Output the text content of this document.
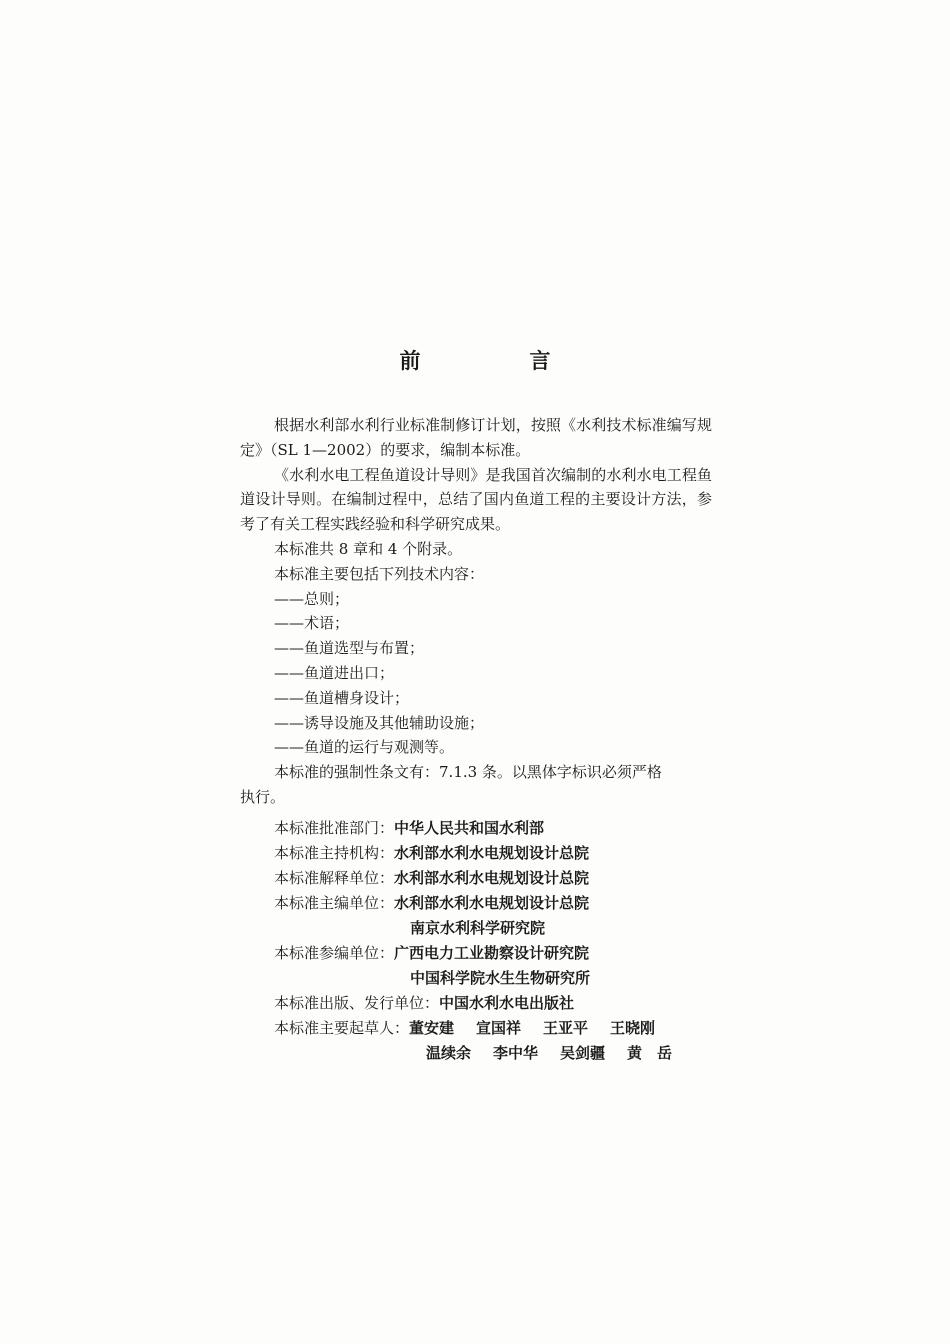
前　言

根据水利部水利行业标准制修订计划，按照《水利技术标准编写规定》（SL 1—2002）的要求，编制本标准。

《水利水电工程鱼道设计导则》是我国首次编制的水利水电工程鱼道设计导则。在编制过程中，总结了国内鱼道工程的主要设计方法，参考了有关工程实践经验和科学研究成果。

本标准共 8 章和 4 个附录。

本标准主要包括下列技术内容：

——总则；

——术语；

——鱼道选型与布置；

——鱼道进出口；

——鱼道槽身设计；

——诱导设施及其他辅助设施；

——鱼道的运行与观测等。

本标准的强制性条文有：7.1.3 条。以黑体字标识必须严格

执行。

本标准批准部门： 中华人民共和国水利部
本标准主持机构： 水利部水利水电规划设计总院
本标准解释单位： 水利部水利水电规划设计总院
本标准主编单位： 水利部水利水电规划设计总院
南京水利科学研究院
本标准参编单位： 广西电力工业勘察设计研究院
中国科学院水生生物研究所
本标准出版、发行单位： 中国水利水电出版社
本标准主要起草人： 董安建	宣国祥	王亚平	王晓刚
温续余	李中华	吴剑疆	黄　岳
